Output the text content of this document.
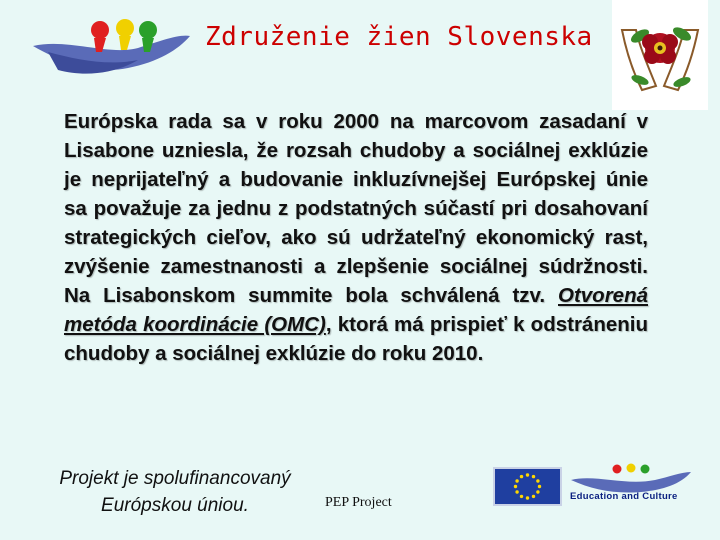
Združenie žien Slovenska
Európska rada sa v roku 2000 na marcovom zasadaní v Lisabone uzniesla, že rozsah chudoby a sociálnej exklúzie je neprijateľný a budovanie inkluzívnejšej Európskej únie sa považuje za jednu z podstatných súčastí pri dosahovaní strategických cieľov, ako sú udržateľný ekonomický rast, zvýšenie zamestnanosti a zlepšenie sociálnej súdržnosti. Na Lisabonskom summite bola schválená tzv. Otvorená metóda koordinácie (OMC), ktorá má prispieť k odstráneniu chudoby a sociálnej exklúzie do roku 2010.
Projekt je spolufinancovaný
Európskou úniou.	PEP Project	Education and Culture
